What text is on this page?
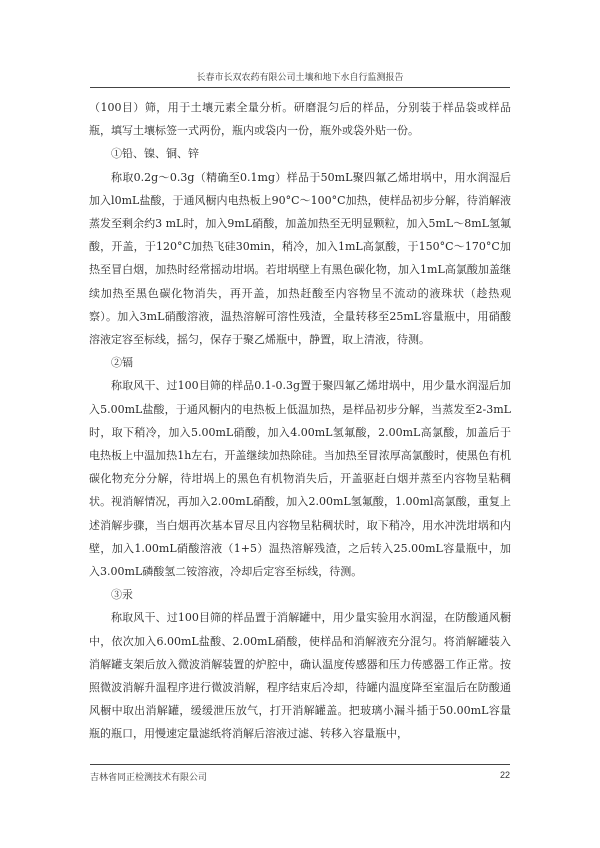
长春市长双农药有限公司土壤和地下水自行监测报告

（100目）筛，用于土壤元素全量分析。研磨混匀后的样品，分别装于样品袋或样品瓶，填写土壤标签一式两份，瓶内或袋内一份，瓶外或袋外贴一份。

①铅、镍、铜、锌

称取0.2g～0.3g（精确至0.1mg）样品于50mL聚四氟乙烯坩埚中，用水润湿后加入l0mL盐酸，于通风橱内电热板上90°C～100°C加热，使样品初步分解，待消解液蒸发至剩余约3 mL时，加入9mL硝酸，加盖加热至无明显颗粒，加入5mL～8mL氢氟酸，开盖，于120°C加热飞硅30min，稍冷，加入1mL高氯酸，于150°C～170°C加热至冒白烟，加热时经常摇动坩埚。若坩埚壁上有黑色碳化物，加入1mL高氯酸加盖继续加热至黑色碳化物消失，再开盖，加热赶酸至内容物呈不流动的液珠状（趁热观察）。加入3mL硝酸溶液，温热溶解可溶性残渣，全量转移至25mL容量瓶中，用硝酸溶液定容至标线，摇匀，保存于聚乙烯瓶中，静置，取上清液，待测。

②镉

称取风干、过100目筛的样品0.1-0.3g置于聚四氟乙烯坩埚中，用少量水润湿后加入5.00mL盐酸，于通风橱内的电热板上低温加热，是样品初步分解，当蒸发至2-3mL时，取下稍冷，加入5.00mL硝酸，加入4.00mL氢氟酸，2.00mL高氯酸，加盖后于电热板上中温加热1h左右，开盖继续加热除硅。当加热至冒浓厚高氯酸时，使黑色有机碳化物充分分解，待坩埚上的黑色有机物消失后，开盖驱赶白烟并蒸至内容物呈粘稠状。视消解情况，再加入2.00mL硝酸，加入2.00mL氢氟酸，1.00ml高氯酸，重复上述消解步骤，当白烟再次基本冒尽且内容物呈粘稠状时，取下稍冷，用水冲洗坩埚和内壁，加入1.00mL硝酸溶液（1+5）温热溶解残渣，之后转入25.00mL容量瓶中，加入3.00mL磷酸氢二铵溶液，冷却后定容至标线，待测。

③汞

称取风干、过100目筛的样品置于消解罐中，用少量实验用水润湿，在防酸通风橱中，依次加入6.00mL盐酸、2.00mL硝酸，使样品和消解液充分混匀。将消解罐装入消解罐支架后放入微波消解装置的炉腔中，确认温度传感器和压力传感器工作正常。按照微波消解升温程序进行微波消解，程序结束后冷却，待罐内温度降至室温后在防酸通风橱中取出消解罐，缓缓泄压放气，打开消解罐盖。把玻璃小漏斗插于50.00mL容量瓶的瓶口，用慢速定量滤纸将消解后溶液过滤、转移入容量瓶中，

吉林省同正检测技术有限公司	22
